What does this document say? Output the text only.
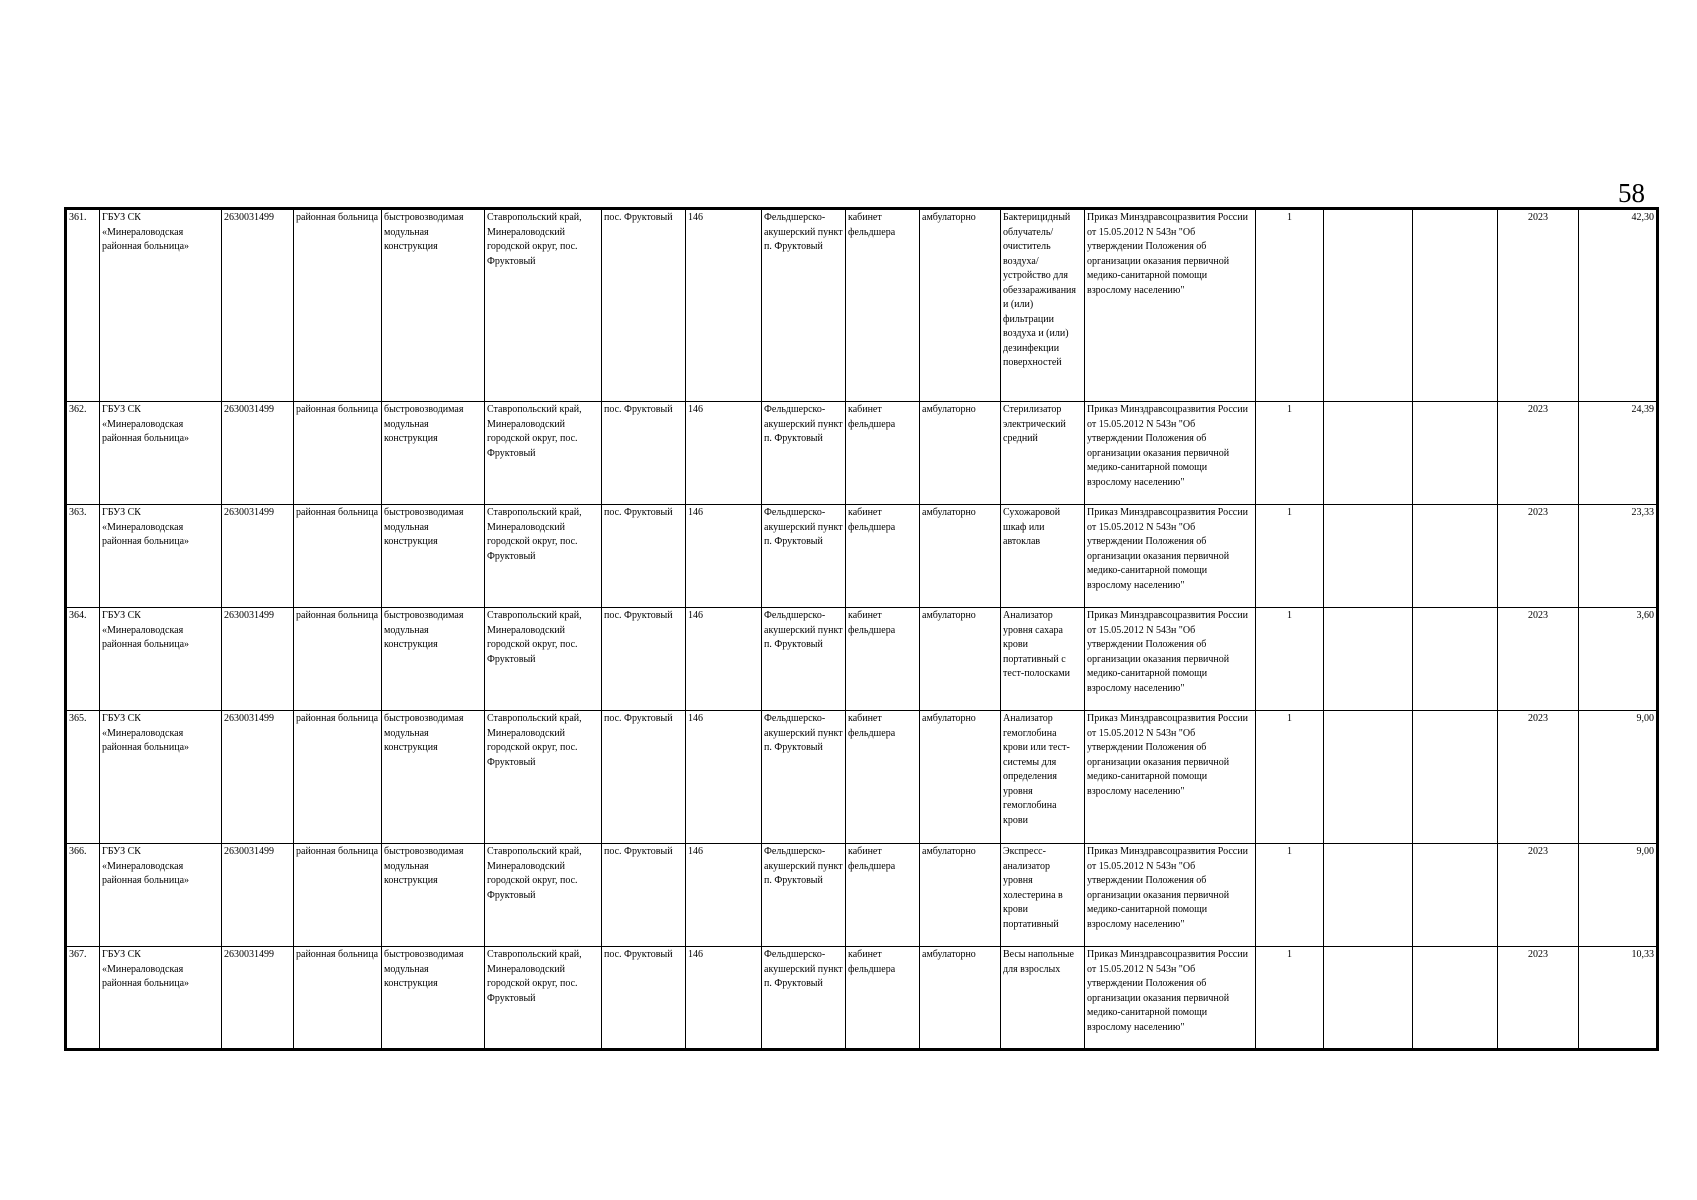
58
361.	ГБУЗ СК «Минераловодская районная больница»	2630031499	районная больница	быстровозводимая модульная конструкция	Ставропольский край, Минераловодский городской округ, пос. Фруктовый	пос. Фруктовый	146	Фельдшерско-акушерский пункт п. Фруктовый	кабинет фельдшера	амбулаторно	Бактерицидный облучатель/очиститель воздуха/устройство для обеззараживания и (или) фильтрации воздуха и (или) дезинфекции поверхностей	Приказ Минздравсоцразвития России от 15.05.2012 N 543н "Об утверждении Положения об организации оказания первичной медико-санитарной помощи взрослому населению"	1			2023	42,30

362.	ГБУЗ СК «Минераловодская районная больница»	2630031499	районная больница	быстровозводимая модульная конструкция	Ставропольский край, Минераловодский городской округ, пос. Фруктовый	пос. Фруктовый	146	Фельдшерско-акушерский пункт п. Фруктовый	кабинет фельдшера	амбулаторно	Стерилизатор электрический средний	Приказ Минздравсоцразвития России от 15.05.2012 N 543н "Об утверждении Положения об организации оказания первичной медико-санитарной помощи взрослому населению"	1			2023	24,39

363.	ГБУЗ СК «Минераловодская районная больница»	2630031499	районная больница	быстровозводимая модульная конструкция	Ставропольский край, Минераловодский городской округ, пос. Фруктовый	пос. Фруктовый	146	Фельдшерско-акушерский пункт п. Фруктовый	кабинет фельдшера	амбулаторно	Сухожаровой шкаф или автоклав	Приказ Минздравсоцразвития России от 15.05.2012 N 543н "Об утверждении Положения об организации оказания первичной медико-санитарной помощи взрослому населению"	1			2023	23,33

364.	ГБУЗ СК «Минераловодская районная больница»	2630031499	районная больница	быстровозводимая модульная конструкция	Ставропольский край, Минераловодский городской округ, пос. Фруктовый	пос. Фруктовый	146	Фельдшерско-акушерский пункт п. Фруктовый	кабинет фельдшера	амбулаторно	Анализатор уровня сахара крови портативный с тест-полосками	Приказ Минздравсоцразвития России от 15.05.2012 N 543н "Об утверждении Положения об организации оказания первичной медико-санитарной помощи взрослому населению"	1			2023	3,60

365.	ГБУЗ СК «Минераловодская районная больница»	2630031499	районная больница	быстровозводимая модульная конструкция	Ставропольский край, Минераловодский городской округ, пос. Фруктовый	пос. Фруктовый	146	Фельдшерско-акушерский пункт п. Фруктовый	кабинет фельдшера	амбулаторно	Анализатор гемоглобина крови или тест-системы для определения уровня гемоглобина крови	Приказ Минздравсоцразвития России от 15.05.2012 N 543н "Об утверждении Положения об организации оказания первичной медико-санитарной помощи взрослому населению"	1			2023	9,00

366.	ГБУЗ СК «Минераловодская районная больница»	2630031499	районная больница	быстровозводимая модульная конструкция	Ставропольский край, Минераловодский городской округ, пос. Фруктовый	пос. Фруктовый	146	Фельдшерско-акушерский пункт п. Фруктовый	кабинет фельдшера	амбулаторно	Экспресс-анализатор уровня холестерина в крови портативный	Приказ Минздравсоцразвития России от 15.05.2012 N 543н "Об утверждении Положения об организации оказания первичной медико-санитарной помощи взрослому населению"	1			2023	9,00

367.	ГБУЗ СК «Минераловодская районная больница»	2630031499	районная больница	быстровозводимая модульная конструкция	Ставропольский край, Минераловодский городской округ, пос. Фруктовый	пос. Фруктовый	146	Фельдшерско-акушерский пункт п. Фруктовый	кабинет фельдшера	амбулаторно	Весы напольные для взрослых	Приказ Минздравсоцразвития России от 15.05.2012 N 543н "Об утверждении Положения об организации оказания первичной медико-санитарной помощи взрослому населению"	1			2023	10,33
